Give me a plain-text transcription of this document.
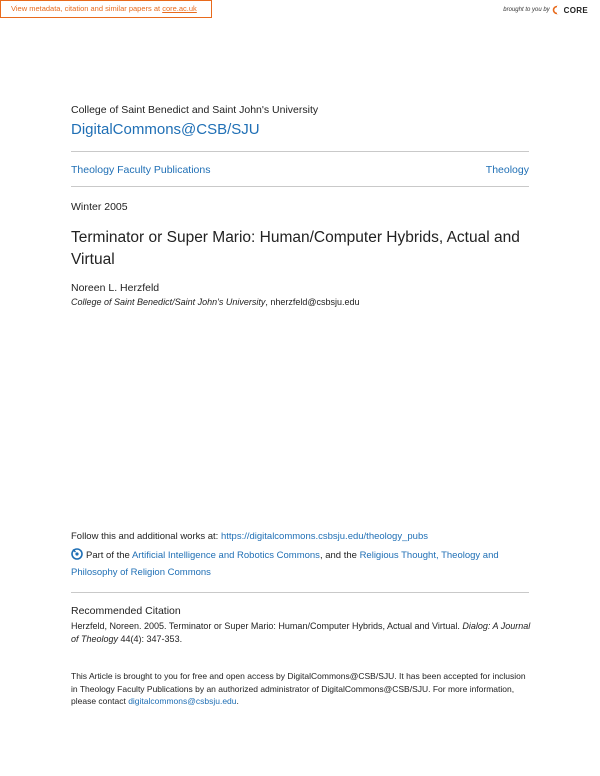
View metadata, citation and similar papers at core.ac.uk	brought to you by CORE
College of Saint Benedict and Saint John's University
DigitalCommons@CSB/SJU
Theology Faculty Publications	Theology
Winter 2005
Terminator or Super Mario: Human/Computer Hybrids, Actual and Virtual
Noreen L. Herzfeld
College of Saint Benedict/Saint John's University, nherzfeld@csbsju.edu
Follow this and additional works at: https://digitalcommons.csbsju.edu/theology_pubs
Part of the Artificial Intelligence and Robotics Commons, and the Religious Thought, Theology and Philosophy of Religion Commons
Recommended Citation
Herzfeld, Noreen. 2005. Terminator or Super Mario: Human/Computer Hybrids, Actual and Virtual. Dialog: A Journal of Theology 44(4): 347-353.
This Article is brought to you for free and open access by DigitalCommons@CSB/SJU. It has been accepted for inclusion in Theology Faculty Publications by an authorized administrator of DigitalCommons@CSB/SJU. For more information, please contact digitalcommons@csbsju.edu.
